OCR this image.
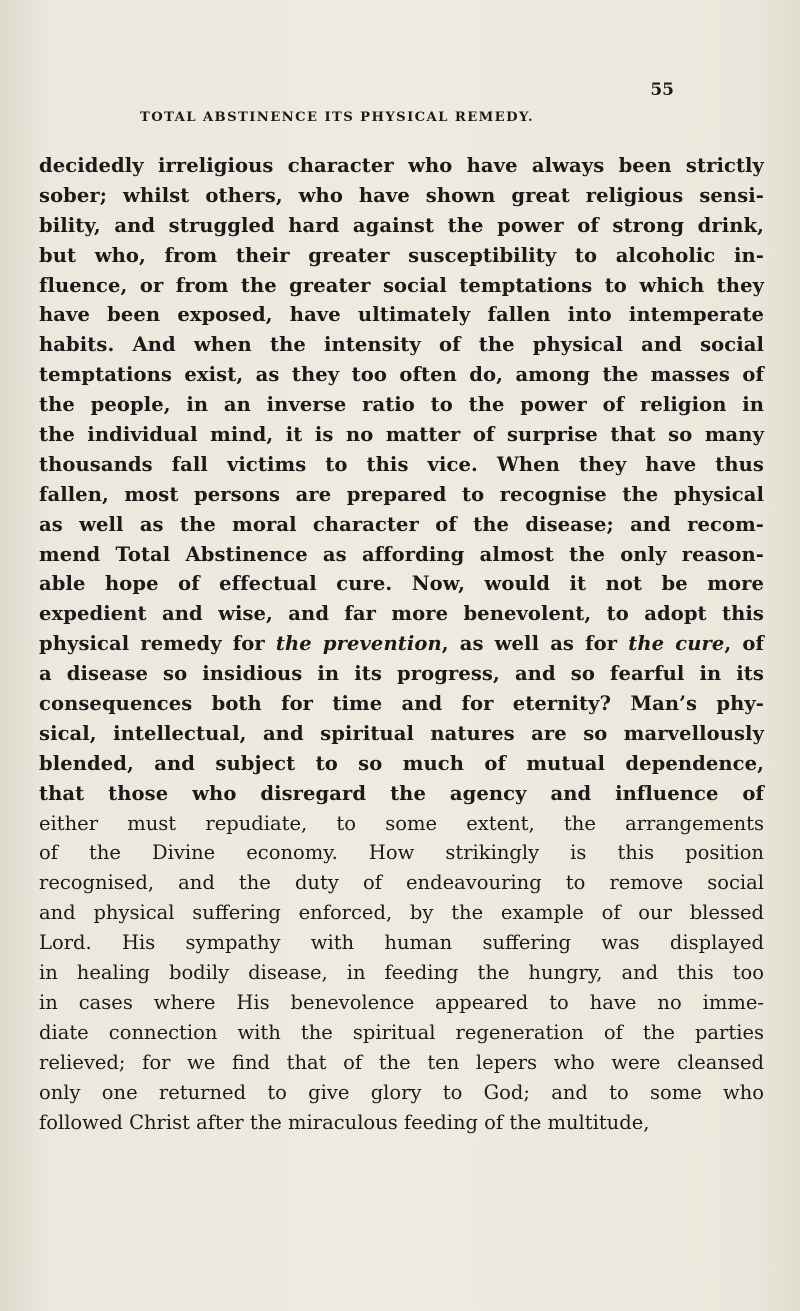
TOTAL ABSTINENCE ITS PHYSICAL REMEDY.
55
decidedly irreligious character who have always been strictly
sober; whilst others, who have shown great religious sensi-
bility, and struggled hard against the power of strong drink,
but who, from their greater susceptibility to alcoholic in-
fluence, or from the greater social temptations to which they
have been exposed, have ultimately fallen into intemperate
habits. And when the intensity of the physical and social
temptations exist, as they too often do, among the masses of
the people, in an inverse ratio to the power of religion in
the individual mind, it is no matter of surprise that so many
thousands fall victims to this vice. When they have thus
fallen, most persons are prepared to recognise the physical
as well as the moral character of the disease; and recom-
mend Total Abstinence as affording almost the only reason-
able hope of effectual cure. Now, would it not be more
expedient and wise, and far more benevolent, to adopt this
physical remedy for the prevention, as well as for the cure, of
a disease so insidious in its progress, and so fearful in its
consequences both for time and for eternity? Man’s phy-
sical, intellectual, and spiritual natures are so marvellously
blended, and subject to so much of mutual dependence,
that those who disregard the agency and influence of
either must repudiate, to some extent, the arrangements
of the Divine economy. How strikingly is this position
recognised, and the duty of endeavouring to remove social
and physical suffering enforced, by the example of our blessed
Lord. His sympathy with human suffering was displayed
in healing bodily disease, in feeding the hungry, and this too
in cases where His benevolence appeared to have no imme-
diate connection with the spiritual regeneration of the parties
relieved; for we find that of the ten lepers who were cleansed
only one returned to give glory to God; and to some who
followed Christ after the miraculous feeding of the multitude,
